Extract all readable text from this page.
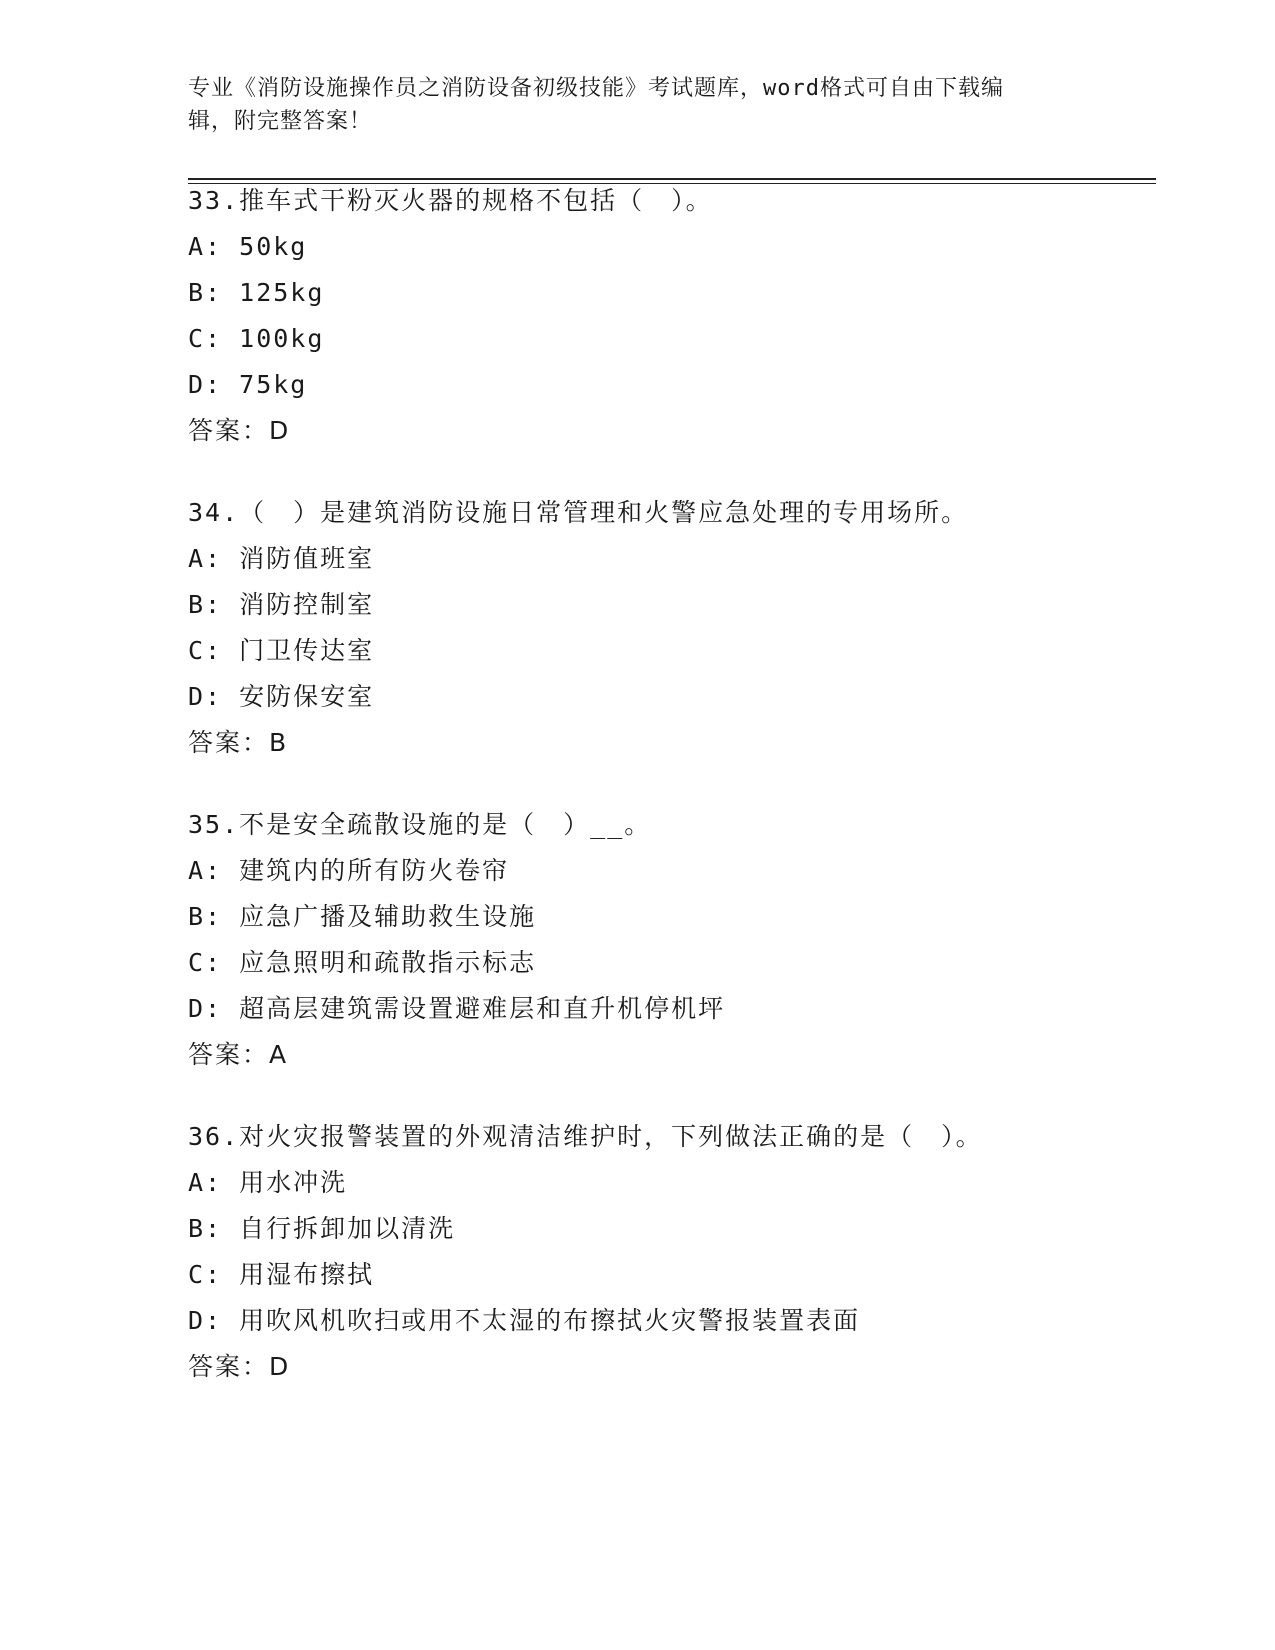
专业《消防设施操作员之消防设备初级技能》考试题库，word格式可自由下载编
辑，附完整答案！
33.推车式干粉灭火器的规格不包括（　）。
A: 50kg
B: 125kg
C: 100kg
D: 75kg
答案：D
34.（　）是建筑消防设施日常管理和火警应急处理的专用场所。
A: 消防值班室
B: 消防控制室
C: 门卫传达室
D: 安防保安室
答案：B
35.不是安全疏散设施的是（　）__。
A: 建筑内的所有防火卷帘
B: 应急广播及辅助救生设施
C: 应急照明和疏散指示标志
D: 超高层建筑需设置避难层和直升机停机坪
答案：A
36.对火灾报警装置的外观清洁维护时，下列做法正确的是（　）。
A: 用水冲洗
B: 自行拆卸加以清洗
C: 用湿布擦拭
D: 用吹风机吹扫或用不太湿的布擦拭火灾警报装置表面
答案：D
